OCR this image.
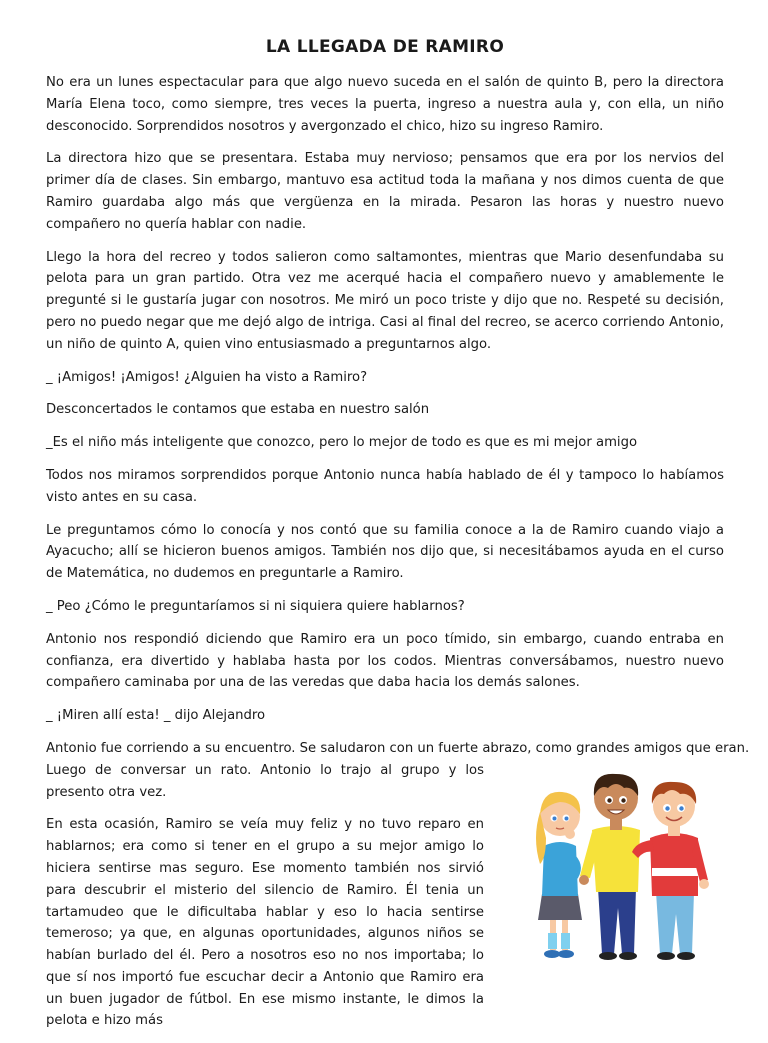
LA LLEGADA DE RAMIRO
No era un lunes espectacular para que algo nuevo suceda en el salón de quinto B, pero la directora María Elena toco, como siempre, tres veces la puerta, ingreso a nuestra aula y, con ella, un niño desconocido. Sorprendidos nosotros y avergonzado el chico, hizo su ingreso Ramiro.
La directora hizo que se presentara. Estaba muy nervioso; pensamos que era por los nervios del primer día de clases. Sin embargo, mantuvo esa actitud toda la mañana y nos dimos cuenta de que Ramiro guardaba algo más que vergüenza en la mirada. Pesaron las horas y nuestro nuevo compañero no quería hablar con nadie.
Llego la hora del recreo y todos salieron como saltamontes, mientras que Mario desenfundaba su pelota para un gran partido. Otra vez me acerqué hacia el compañero nuevo y amablemente le pregunté si le gustaría jugar con nosotros. Me miró un poco triste y dijo que no. Respeté su decisión, pero no puedo negar que me dejó algo de intriga. Casi al final del recreo, se acerco corriendo Antonio, un niño de quinto A, quien vino entusiasmado a preguntarnos algo.
_ ¡Amigos! ¡Amigos! ¿Alguien ha visto a Ramiro?
Desconcertados le contamos que estaba en nuestro salón
_Es el niño más inteligente que conozco, pero lo mejor de todo es que es mi mejor amigo
Todos nos miramos sorprendidos porque Antonio nunca había hablado de él y tampoco lo habíamos visto antes en su casa.
Le preguntamos cómo lo conocía y nos contó que su familia conoce a la de Ramiro cuando viajo a Ayacucho; allí se hicieron buenos amigos. También nos dijo que, si necesitábamos ayuda en el curso de Matemática, no dudemos en preguntarle a Ramiro.
_ Peo ¿Cómo le preguntaríamos si ni siquiera quiere hablarnos?
Antonio nos respondió diciendo que Ramiro era un poco tímido, sin embargo, cuando entraba en confianza, era divertido y hablaba hasta por los codos. Mientras conversábamos, nuestro nuevo compañero caminaba por una de las veredas que daba hacia los demás salones.
_ ¡Miren allí esta! _ dijo Alejandro
Antonio fue corriendo a su encuentro. Se saludaron con un fuerte abrazo, como grandes amigos que eran.
Luego de conversar un rato. Antonio lo trajo al grupo y los presento otra vez.
En esta ocasión, Ramiro se veía muy feliz y no tuvo reparo en hablarnos; era como si tener en el grupo a su mejor amigo lo hiciera sentirse mas seguro. Ese momento también nos sirvió para descubrir el misterio del silencio de Ramiro. Él tenia un tartamudeo que le dificultaba hablar y eso lo hacia sentirse temeroso; ya que, en algunas oportunidades, algunos niños se habían burlado del él. Pero a nosotros eso no nos importaba; lo que sí nos importó fue escuchar decir a Antonio que Ramiro era un buen jugador de fútbol. En ese mismo instante, le dimos la pelota e hizo más
